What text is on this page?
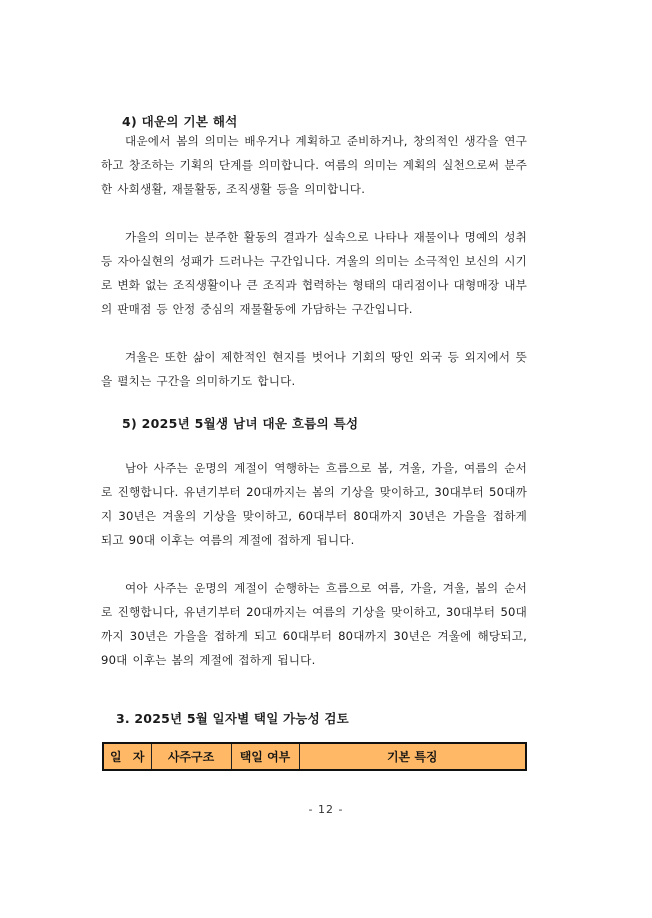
4) 대운의 기본 해석

대운에서 봄의 의미는 배우거나 계획하고 준비하거나, 창의적인 생각을 연구하고 창조하는 기획의 단계를 의미합니다. 여름의 의미는 계획의 실천으로써 분주한 사회생활, 재물활동, 조직생활 등을 의미합니다.

가을의 의미는 분주한 활동의 결과가 실속으로 나타나 재물이나 명예의 성취 등 자아실현의 성패가 드러나는 구간입니다. 겨울의 의미는 소극적인 보신의 시기로 변화 없는 조직생활이나 큰 조직과 협력하는 형태의 대리점이나 대형매장 내부의 판매점 등 안정 중심의 재물활동에 가담하는 구간입니다.

겨울은 또한 삶이 제한적인 현지를 벗어나 기회의 땅인 외국 등 외지에서 뜻을 펼치는 구간을 의미하기도 합니다.

5) 2025년 5월생 남녀 대운 흐름의 특성

남아 사주는 운명의 계절이 역행하는 흐름으로 봄, 겨울, 가을, 여름의 순서로 진행합니다. 유년기부터 20대까지는 봄의 기상을 맞이하고, 30대부터 50대까지 30년은 겨울의 기상을 맞이하고, 60대부터 80대까지 30년은 가을을 접하게 되고 90대 이후는 여름의 계절에 접하게 됩니다.

여아 사주는 운명의 계절이 순행하는 흐름으로 여름, 가을, 겨울, 봄의 순서로 진행합니다, 유년기부터 20대까지는 여름의 기상을 맞이하고, 30대부터 50대까지 30년은 가을을 접하게 되고 60대부터 80대까지 30년은 겨울에 해당되고, 90대 이후는 봄의 계절에 접하게 됩니다.

3. 2025년 5월 일자별 택일 가능성 검토
일 자	사주구조	택일 여부	기본 특징
- 12 -
